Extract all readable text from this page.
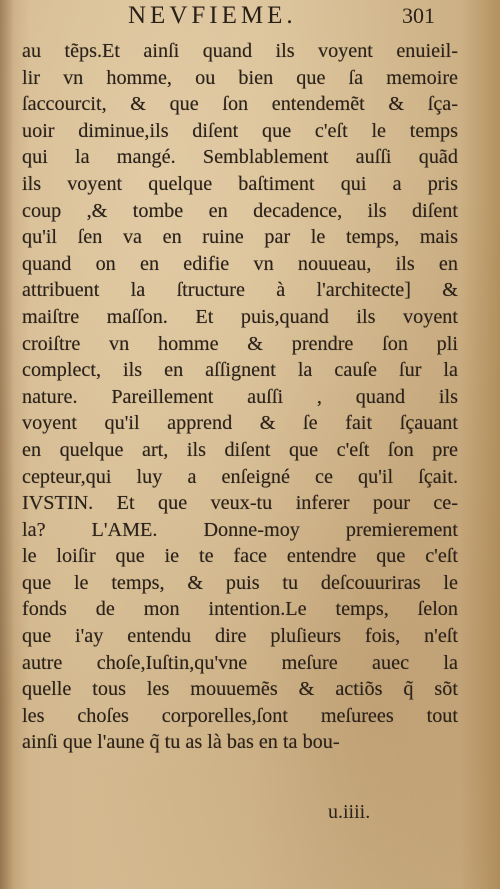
NEVFIEME.	301
au tẽps.Et ainſi quand ils voyent enuieil-
lir vn homme, ou bien que ſa memoire
ſaccourcit, & que ſon entendemẽt & ſça-
uoir diminue,ils diſent que c'eſt le temps
qui la mangé. Semblablement auſſi quãd
ils voyent quelque baſtiment qui a pris
coup ,& tombe en decadence, ils diſent
qu'il ſen va en ruine par le temps, mais
quand on en edifie vn nouueau, ils en
attribuent la ſtructure à l'architecte] &
maiſtre maſſon. Et puis,quand ils voyent
croiſtre vn homme & prendre ſon pli
complect, ils en aſſignent la cauſe ſur la
nature. Pareillement auſſi , quand ils
voyent qu'il apprend & ſe fait ſçauant
en quelque art, ils diſent que c'eſt ſon pre
cepteur,qui luy a enſeigné ce qu'il ſçait.
IVSTIN. Et que veux-tu inferer pour ce-
la? L'AME. Donne-moy premierement
le loiſir que ie te face entendre que c'eſt
que le temps, & puis tu deſcouuriras le
fonds de mon intention.Le temps, ſelon
que i'ay entendu dire pluſieurs fois, n'eſt
autre choſe,Iuſtin,qu'vne meſure auec la
quelle tous les mouuemẽs & actiõs q̃ sõt
les choſes corporelles,ſont meſurees tout
ainſi que l'aune q̃ tu as là bas en ta bou-
u.iiii.
